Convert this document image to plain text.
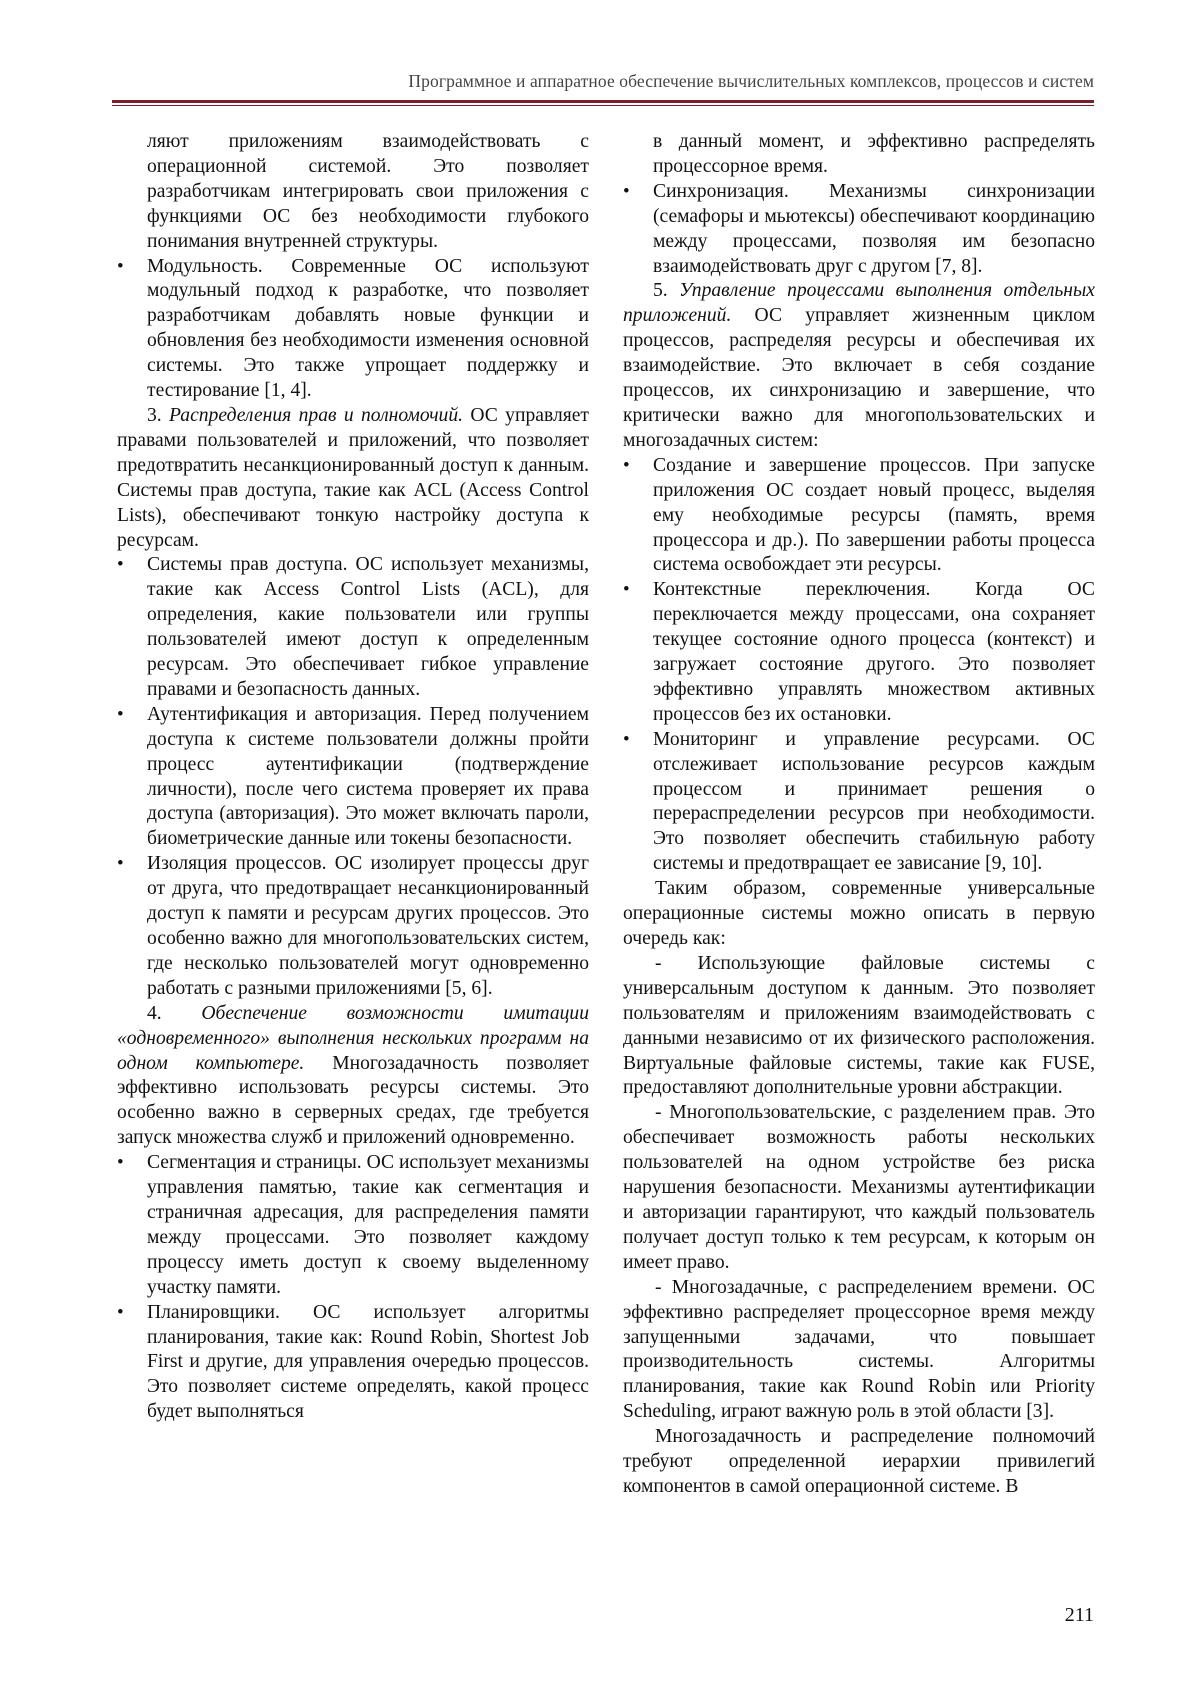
Программное и аппаратное обеспечение вычислительных комплексов, процессов и систем

ляют приложениям взаимодействовать с операционной системой. Это позволяет разработчикам интегрировать свои приложения с функциями ОС без необходимости глубокого понимания внутренней структуры.

•	Модульность. Современные ОС используют модульный подход к разработке, что позволяет разработчикам добавлять новые функции и обновления без необходимости изменения основной системы. Это также упрощает поддержку и тестирование [1, 4].

3. Распределения прав и полномочий. ОС управляет правами пользователей и приложений, что позволяет предотвратить несанкционированный доступ к данным. Системы прав доступа, такие как ACL (Access Control Lists), обеспечивают тонкую настройку доступа к ресурсам.

•	Системы прав доступа. ОС использует механизмы, такие как Access Control Lists (ACL), для определения, какие пользователи или группы пользователей имеют доступ к определенным ресурсам. Это обеспечивает гибкое управление правами и безопасность данных.
•	Аутентификация и авторизация. Перед получением доступа к системе пользователи должны пройти процесс аутентификации (подтверждение личности), после чего система проверяет их права доступа (авторизация). Это может включать пароли, биометрические данные или токены безопасности.
•	Изоляция процессов. ОС изолирует процессы друг от друга, что предотвращает несанкционированный доступ к памяти и ресурсам других процессов. Это особенно важно для многопользовательских систем, где несколько пользователей могут одновременно работать с разными приложениями [5, 6].

4. Обеспечение возможности имитации «одновременного» выполнения нескольких программ на одном компьютере. Многозадачность позволяет эффективно использовать ресурсы системы. Это особенно важно в серверных средах, где требуется запуск множества служб и приложений одновременно.

•	Сегментация и страницы. ОС использует механизмы управления памятью, такие как сегментация и страничная адресация, для распределения памяти между процессами. Это позволяет каждому процессу иметь доступ к своему выделенному участку памяти.
•	Планировщики. ОС использует алгоритмы планирования, такие как: Round Robin, Shortest Job First и другие, для управления очередью процессов. Это позволяет системе определять, какой процесс будет выполняться

в данный момент, и эффективно распределять процессорное время.

•	Синхронизация. Механизмы синхронизации (семафоры и мьютексы) обеспечивают координацию между процессами, позволяя им безопасно взаимодействовать друг с другом [7, 8].

5. Управление процессами выполнения отдельных приложений. ОС управляет жизненным циклом процессов, распределяя ресурсы и обеспечивая их взаимодействие. Это включает в себя создание процессов, их синхронизацию и завершение, что критически важно для многопользовательских и многозадачных систем:

•	Создание и завершение процессов. При запуске приложения ОС создает новый процесс, выделяя ему необходимые ресурсы (память, время процессора и др.). По завершении работы процесса система освобождает эти ресурсы.
•	Контекстные переключения. Когда ОС переключается между процессами, она сохраняет текущее состояние одного процесса (контекст) и загружает состояние другого. Это позволяет эффективно управлять множеством активных процессов без их остановки.
•	Мониторинг и управление ресурсами. ОС отслеживает использование ресурсов каждым процессом и принимает решения о перераспределении ресурсов при необходимости. Это позволяет обеспечить стабильную работу системы и предотвращает ее зависание [9, 10].

Таким образом, современные универсальные операционные системы можно описать в первую очередь как:

- Использующие файловые системы с универсальным доступом к данным. Это позволяет пользователям и приложениям взаимодействовать с данными независимо от их физического расположения. Виртуальные файловые системы, такие как FUSE, предоставляют дополнительные уровни абстракции.

- Многопользовательские, с разделением прав. Это обеспечивает возможность работы нескольких пользователей на одном устройстве без риска нарушения безопасности. Механизмы аутентификации и авторизации гарантируют, что каждый пользователь получает доступ только к тем ресурсам, к которым он имеет право.

- Многозадачные, с распределением времени. ОС эффективно распределяет процессорное время между запущенными задачами, что повышает производительность системы. Алгоритмы планирования, такие как Round Robin или Priority Scheduling, играют важную роль в этой области [3].

Многозадачность и распределение полномочий требуют определенной иерархии привилегий компонентов в самой операционной системе. В

211
